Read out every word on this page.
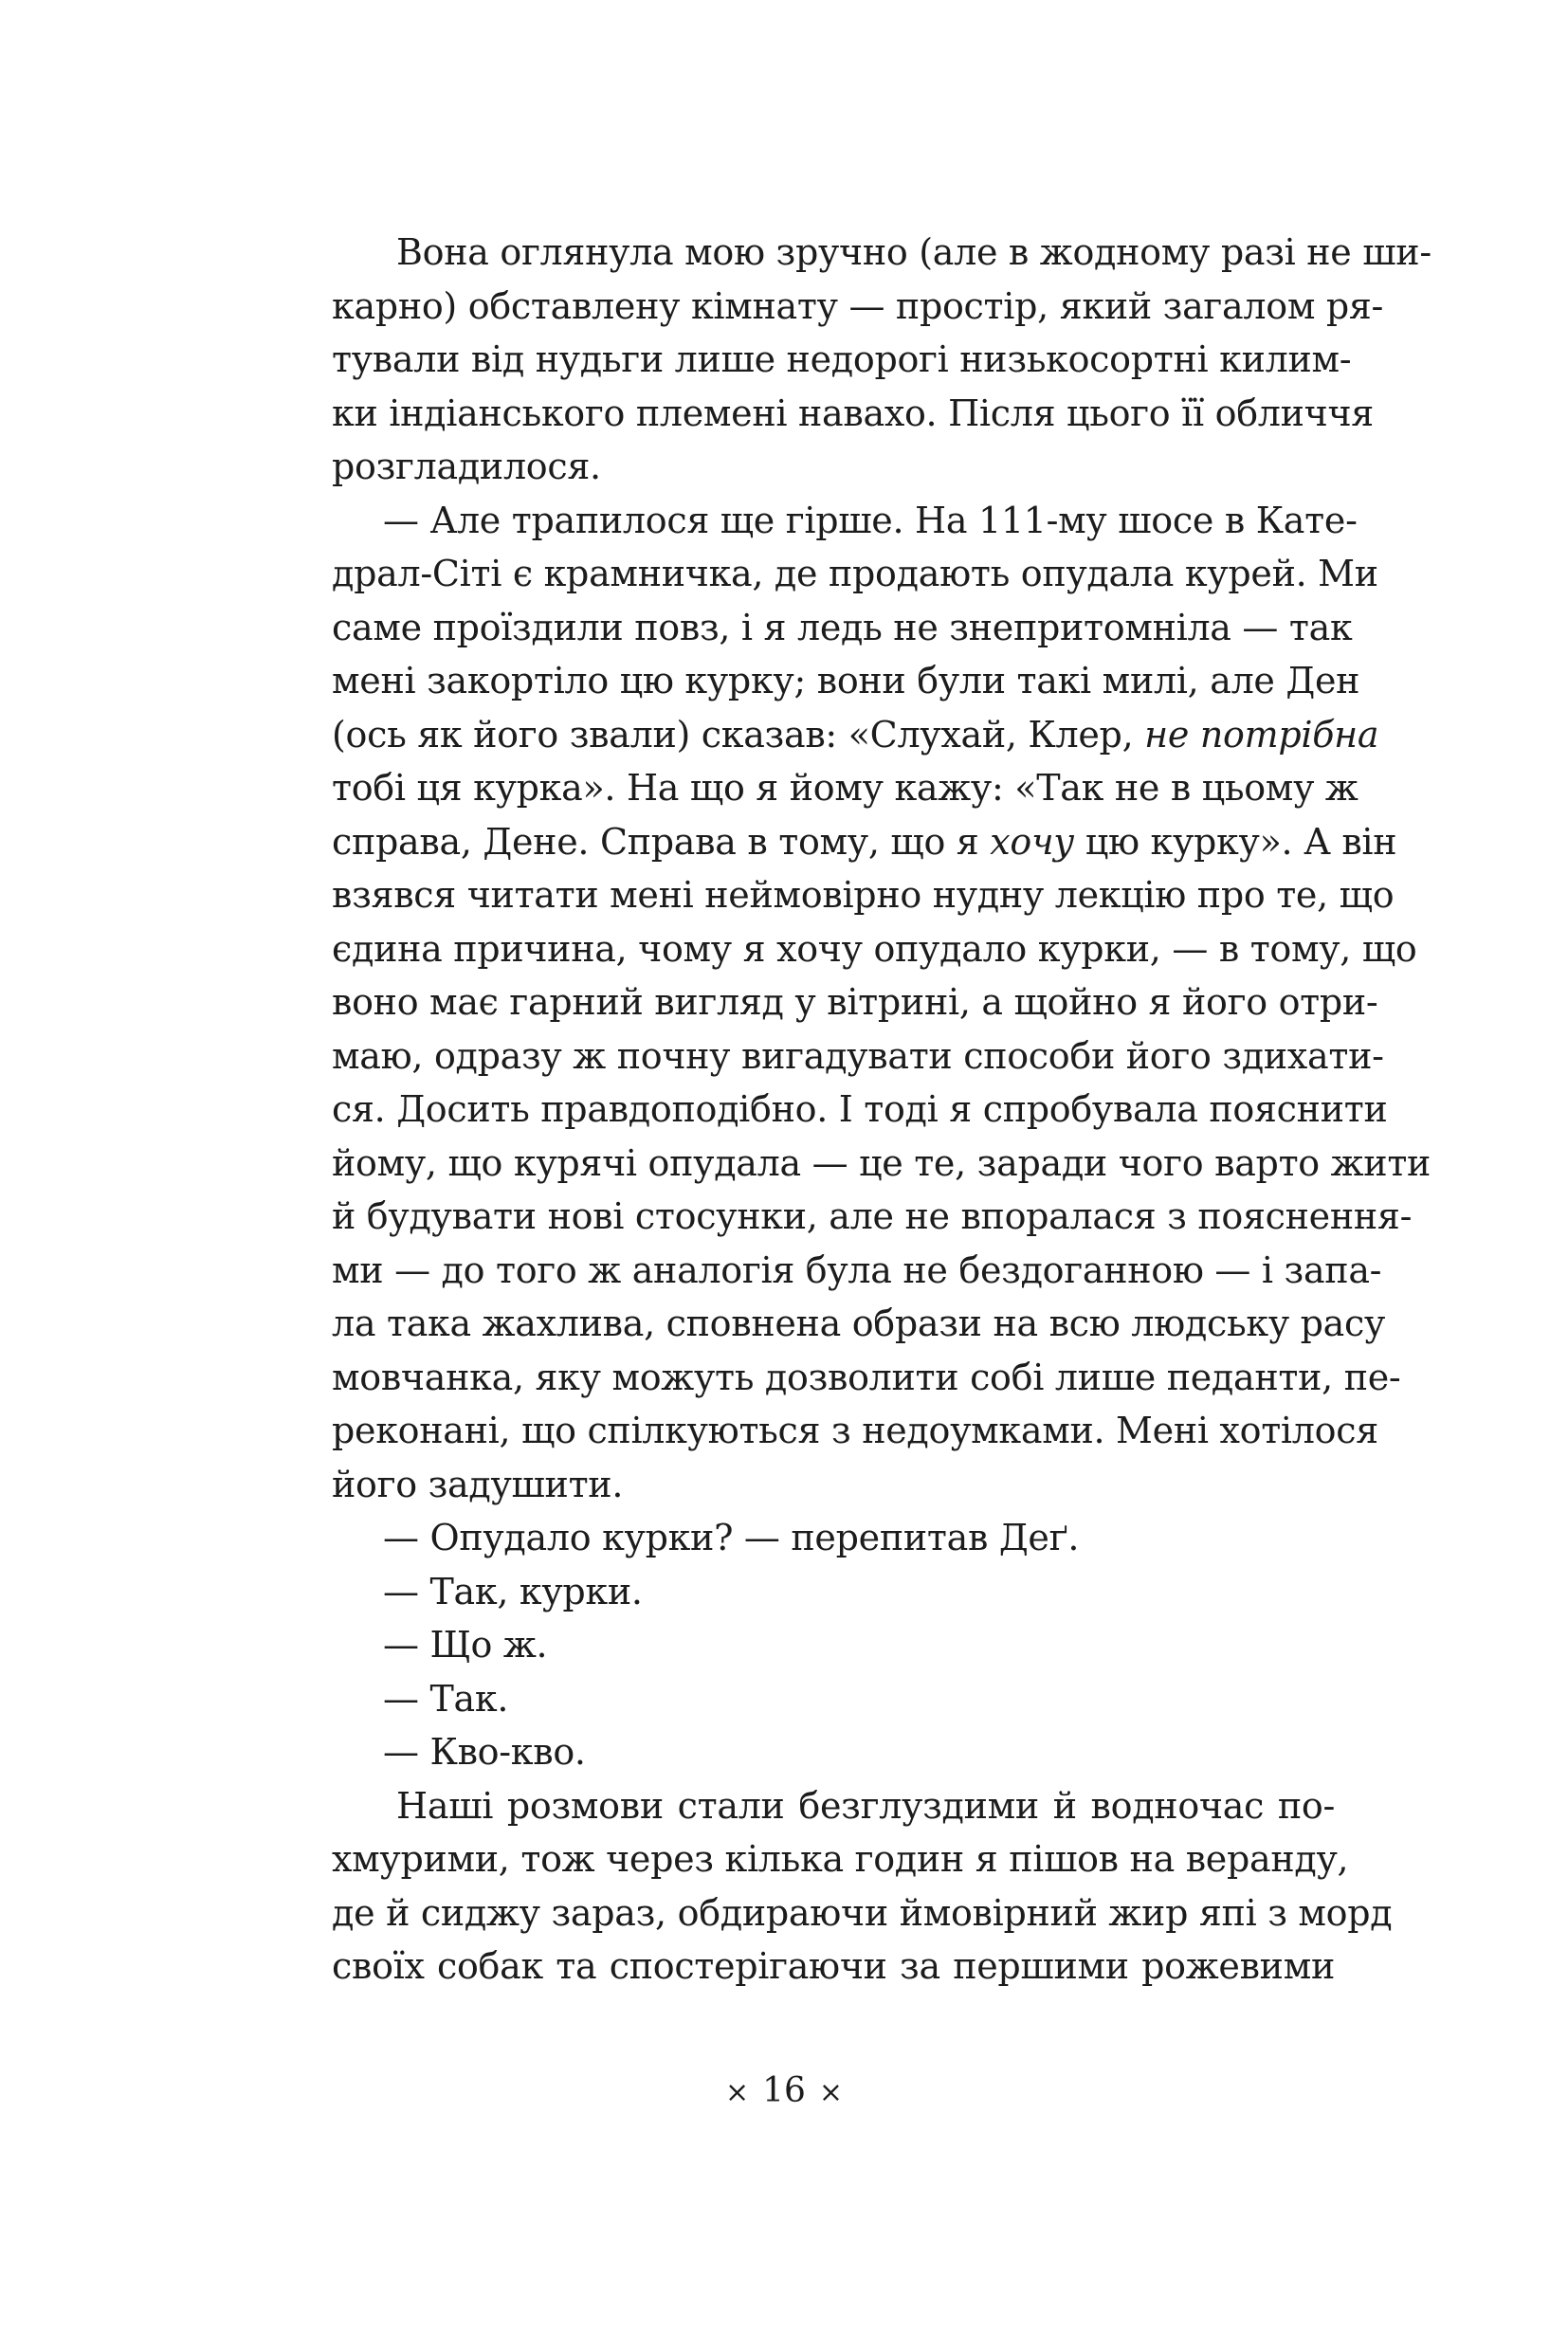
Вона оглянула мою зручно (але в жодному разі не ши-
карно) обставлену кімнату — простір, який загалом ря-
тували від нудьги лише недорогі низькосортні килим-
ки індіанського племені навахо. Після цього її обличчя
розгладилося.
— Але трапилося ще гірше. На 111-му шосе в Кате-
драл-Сіті є крамничка, де продають опудала курей. Ми
саме проїздили повз, і я ледь не знепритомніла — так
мені закортіло цю курку; вони були такі милі, але Ден
(ось як його звали) сказав: «Слухай, Клер, не потрібна
тобі ця курка». На що я йому кажу: «Так не в цьому ж
справа, Дене. Справа в тому, що я хочу цю курку». А він
взявся читати мені неймовірно нудну лекцію про те, що
єдина причина, чому я хочу опудало курки, — в тому, що
воно має гарний вигляд у вітрині, а щойно я його отри-
маю, одразу ж почну вигадувати способи його здихати-
ся. Досить правдоподібно. І тоді я спробувала пояснити
йому, що курячі опудала — це те, заради чого варто жити
й будувати нові стосунки, але не впоралася з пояснення-
ми — до того ж аналогія була не бездоганною — і запа-
ла така жахлива, сповнена образи на всю людську расу
мовчанка, яку можуть дозволити собі лише педанти, пе-
реконані, що спілкуються з недоумками. Мені хотілося
його задушити.
— Опудало курки? — перепитав Деґ.
— Так, курки.
— Що ж.
— Так.
— Кво-кво.
Наші розмови стали безглуздими й водночас по-
хмурими, тож через кілька годин я пішов на веранду,
де й сиджу зараз, обдираючи ймовірний жир япі з морд
своїх собак та спостерігаючи за першими рожевими
× 16 ×
